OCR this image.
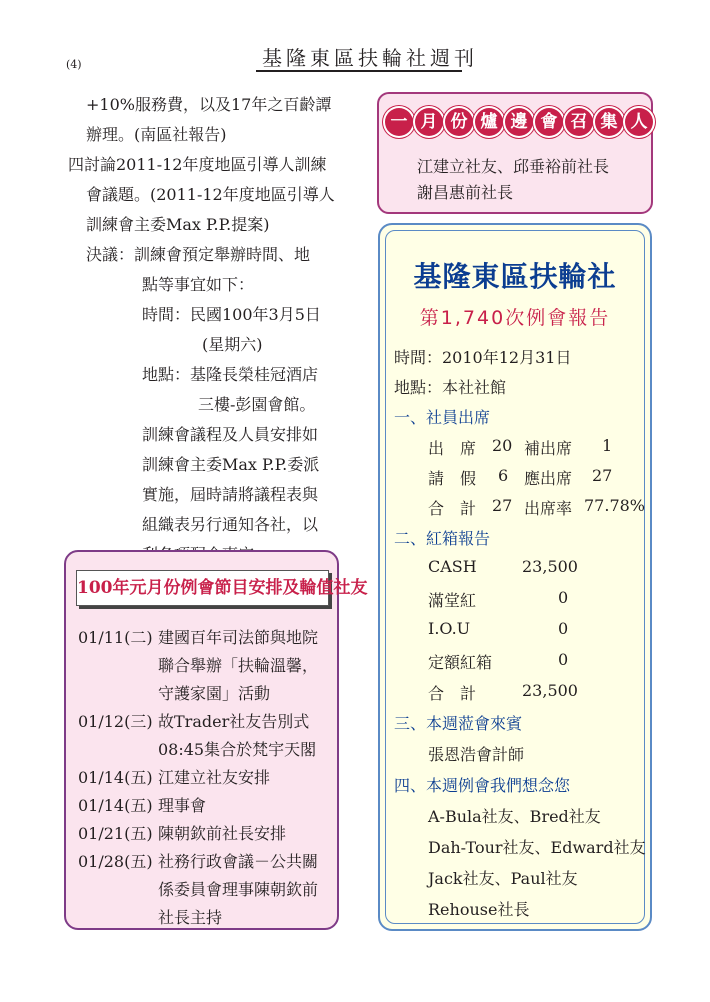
(4)	基隆東區扶輪社週刊
+10%服務費，以及17年之百齡譚
辦理。(南區社報告)
四討論2011-12年度地區引導人訓練
會議題。(2011-12年度地區引導人
訓練會主委Max P.P.提案)
決議：訓練會預定舉辦時間、地
點等事宜如下：
時間：民國100年3月5日
(星期六)
地點：基隆長榮桂冠酒店
三樓-彭園會館。
訓練會議程及人員安排如
訓練會主委Max P.P.委派
實施，屆時請將議程表與
組織表另行通知各社，以
100年元月份例會節目安排及輪值社友
01/11(二) 建國百年司法節與地院
聯合舉辦「扶輪溫馨，
守護家園」活動
01/12(三) 故Trader社友告別式
08:45集合於梵宇天閣
01/14(五) 江建立社友安排
01/14(五) 理事會
01/21(五) 陳朝欽前社長安排
01/28(五) 社務行政會議－公共關
係委員會理事陳朝欽前
社長主持
一 月 份 爐 邊 會 召 集 人
江建立社友、邱垂裕前社長
謝昌惠前社長
基隆東區扶輪社
第1,740次例會報告
時間：2010年12月31日
地點：本社社館
一、社員出席
出　席 20 補出席 1
請　假 6 應出席 27
合　計 27 出席率 77.78%
二、紅箱報告
CASH	23,500
滿堂紅	0
I.O.U	0
定額紅箱	0
合　計	23,500
三、本週蒞會來賓
張恩浩會計師
四、本週例會我們想念您
A-Bula社友、Bred社友
Dah-Tour社友、Edward社友
Jack社友、Paul社友
Rehouse社長
